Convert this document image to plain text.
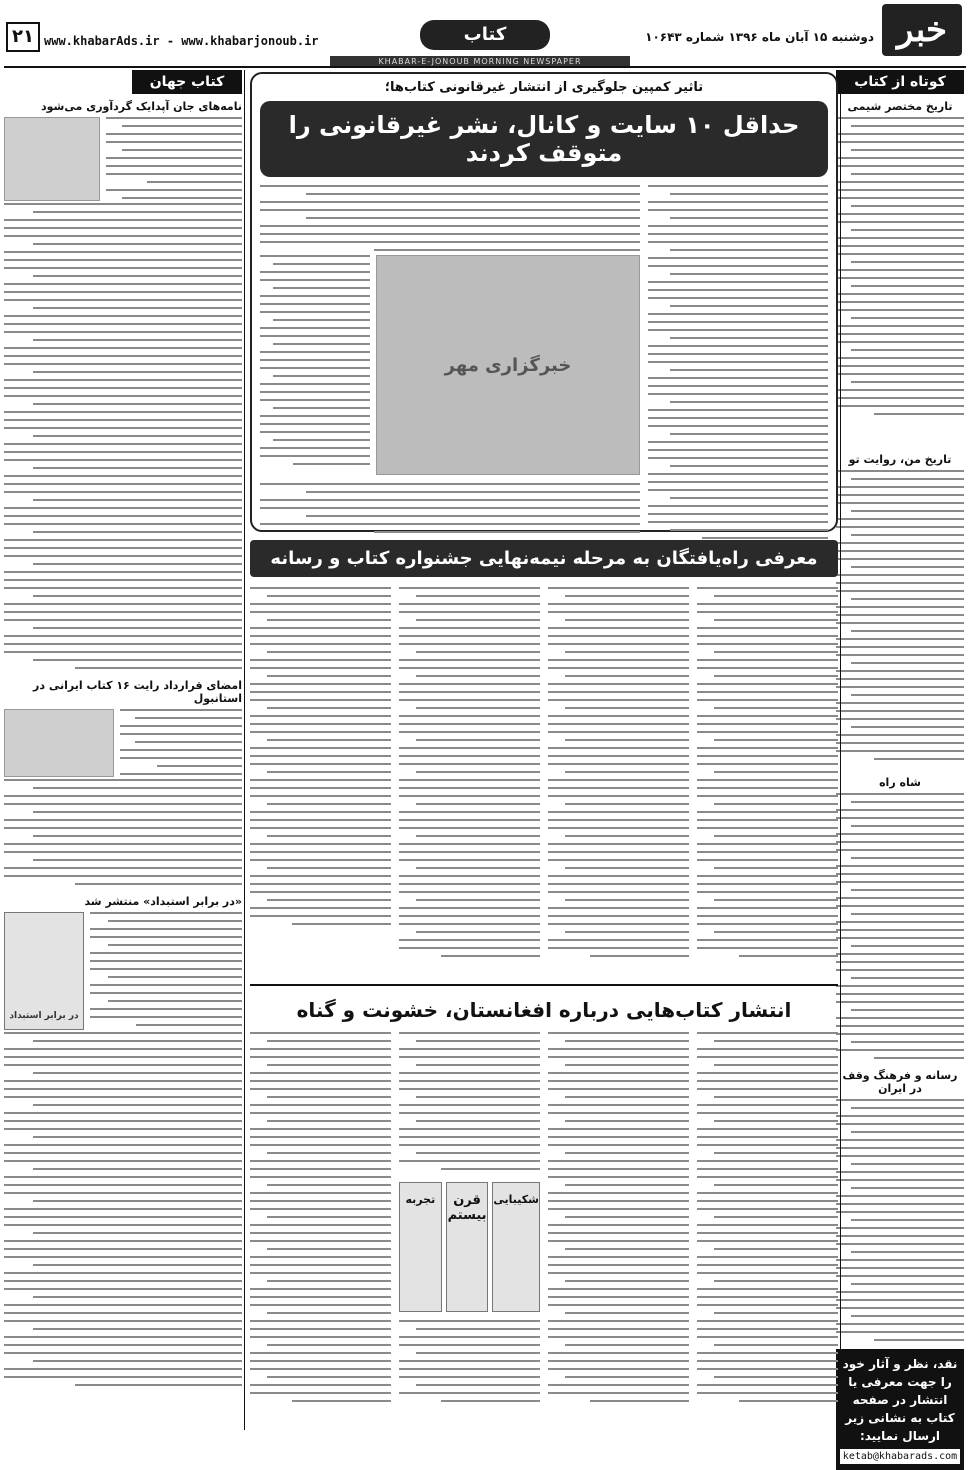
خبر
دوشنبه ۱۵ آبان ماه ۱۳۹۶ شماره ۱۰۶۴۳
کتاب
www.khabarAds.ir - www.khabarjonoub.ir
۲۱
KHABAR-E-JONOUB MORNING NEWSPAPER
کوتاه از کتاب
تاریخ مختصر شیمی
تاریخ من، روایت تو
شاه راه
رسانه و فرهنگ وقف در ایران
نقد، نظر و آثار خود را جهت معرفی یا انتشار در صفحه کتاب به نشانی زیر ارسال نمایید:
ketab@khabarads.com
کتاب جهان
نامه‌های جان آپدایک گردآوری می‌شود
امضای قرارداد رایت ۱۶ کتاب ایرانی در استانبول
«در برابر استبداد» منتشر شد
در برابر استبداد
تاثیر کمپین جلوگیری از انتشار غیرقانونی کتاب‌ها؛
حداقل ۱۰ سایت و کانال، نشر غیرقانونی را متوقف کردند
خبرگزاری مهر
معرفی راه‌یافتگان به مرحله نیمه‌نهایی جشنواره کتاب و رسانه
انتشار کتاب‌هایی درباره افغانستان، خشونت و گناه
شکیبایی
قرن بیستم
تجربه
